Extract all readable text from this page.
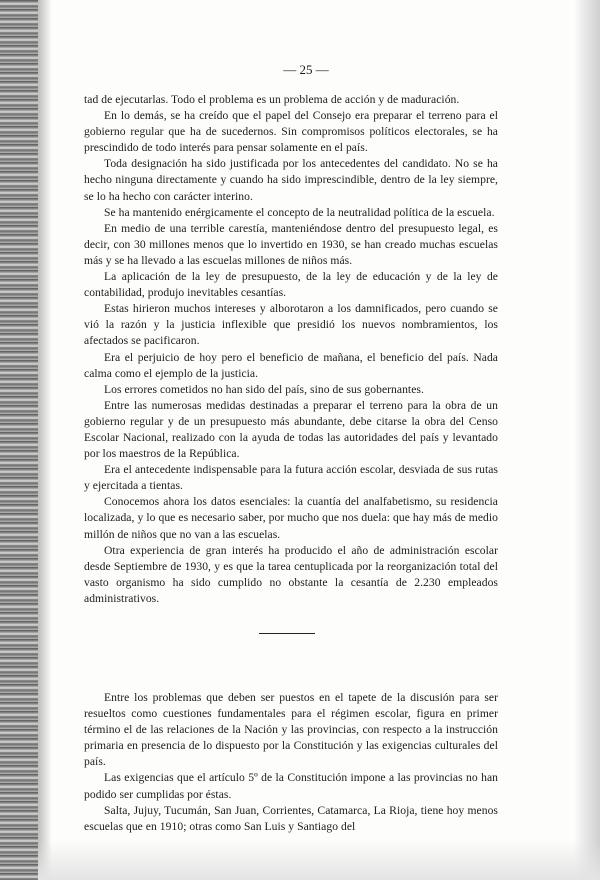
— 25 —

tad de ejecutarlas. Todo el problema es un problema de acción y de maduración.

En lo demás, se ha creído que el papel del Consejo era preparar el terreno para el gobierno regular que ha de sucedernos. Sin compromisos políticos electorales, se ha prescindido de todo interés para pensar solamente en el país.

Toda designación ha sido justificada por los antecedentes del candidato. No se ha hecho ninguna directamente y cuando ha sido imprescindible, dentro de la ley siempre, se lo ha hecho con carácter interino.

Se ha mantenido enérgicamente el concepto de la neutralidad política de la escuela.

En medio de una terrible carestía, manteniéndose dentro del presupuesto legal, es decir, con 30 millones menos que lo invertido en 1930, se han creado muchas escuelas más y se ha llevado a las escuelas millones de niños más.

La aplicación de la ley de presupuesto, de la ley de educación y de la ley de contabilidad, produjo inevitables cesantías.

Estas hirieron muchos intereses y alborotaron a los damnificados, pero cuando se vió la razón y la justicia inflexible que presidió los nuevos nombramientos, los afectados se pacificaron.

Era el perjuicio de hoy pero el beneficio de mañana, el beneficio del país. Nada calma como el ejemplo de la justicia.

Los errores cometidos no han sido del país, sino de sus gobernantes.

Entre las numerosas medidas destinadas a preparar el terreno para la obra de un gobierno regular y de un presupuesto más abundante, debe citarse la obra del Censo Escolar Nacional, realizado con la ayuda de todas las autoridades del país y levantado por los maestros de la República.

Era el antecedente indispensable para la futura acción escolar, desviada de sus rutas y ejercitada a tientas.

Conocemos ahora los datos esenciales: la cuantía del analfabetismo, su residencia localizada, y lo que es necesario saber, por mucho que nos duela: que hay más de medio millón de niños que no van a las escuelas.

Otra experiencia de gran interés ha producido el año de administración escolar desde Septiembre de 1930, y es que la tarea centuplicada por la reorganización total del vasto organismo ha sido cumplido no obstante la cesantía de 2.230 empleados administrativos.

Entre los problemas que deben ser puestos en el tapete de la discusión para ser resueltos como cuestiones fundamentales para el régimen escolar, figura en primer término el de las relaciones de la Nación y las provincias, con respecto a la instrucción primaria en presencia de lo dispuesto por la Constitución y las exigencias culturales del país.

Las exigencias que el artículo 5º de la Constitución impone a las provincias no han podido ser cumplidas por éstas.

Salta, Jujuy, Tucumán, San Juan, Corrientes, Catamarca, La Rioja, tiene hoy menos escuelas que en 1910; otras como San Luis y Santiago del
